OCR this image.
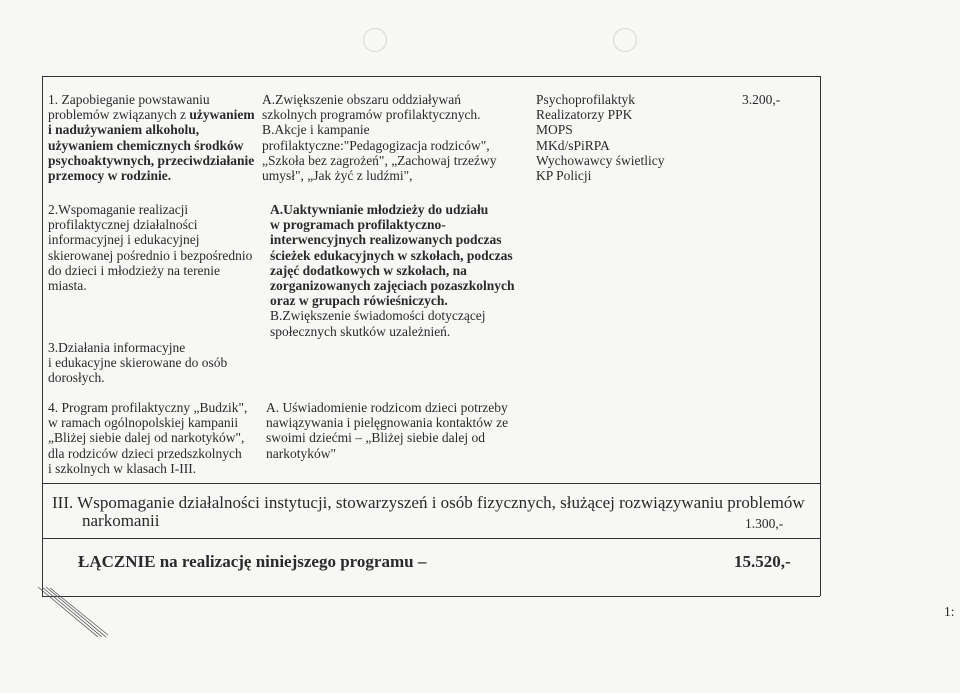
1. Zapobieganie powstawaniu
problemów związanych z używaniem
i nadużywaniem alkoholu,
używaniem chemicznych środków
psychoaktywnych, przeciwdziałanie
przemocy w rodzinie.
A.Zwiększenie obszaru oddziaływań
szkolnych programów profilaktycznych.
B.Akcje i kampanie
profilaktyczne:"Pedagogizacja rodziców",
„Szkoła bez zagrożeń", „Zachowaj trzeźwy
umysł", „Jak żyć z ludźmi",
Psychoprofilaktyk
Realizatorzy PPK
MOPS
MKd/sPiRPA
Wychowawcy świetlicy
KP Policji
3.200,-
2.Wspomaganie realizacji
profilaktycznej działalności
informacyjnej i edukacyjnej
skierowanej pośrednio i bezpośrednio
do dzieci i młodzieży na terenie
miasta.
A.Uaktywnianie młodzieży do udziału
w programach profilaktyczno-
interwencyjnych realizowanych podczas
ścieżek edukacyjnych w szkołach, podczas
zajęć dodatkowych w szkołach, na
zorganizowanych zajęciach pozaszkolnych
oraz w grupach rówieśniczych.
B.Zwiększenie świadomości dotyczącej
społecznych skutków uzależnień.
3.Działania informacyjne
i edukacyjne skierowane do osób
dorosłych.
4. Program profilaktyczny „Budzik",
w ramach ogólnopolskiej kampanii
„Bliżej siebie dalej od narkotyków",
dla rodziców dzieci przedszkolnych
i szkolnych w klasach I-III.
A. Uświadomienie rodzicom dzieci potrzeby
nawiązywania i pielęgnowania kontaktów ze
swoimi dziećmi – „Bliżej siebie dalej od
narkotyków"
III. Wspomaganie działalności instytucji, stowarzyszeń i osób fizycznych, służącej rozwiązywaniu problemów
narkomanii	1.300,-
ŁĄCZNIE na realizację niniejszego programu –	15.520,-
1:
